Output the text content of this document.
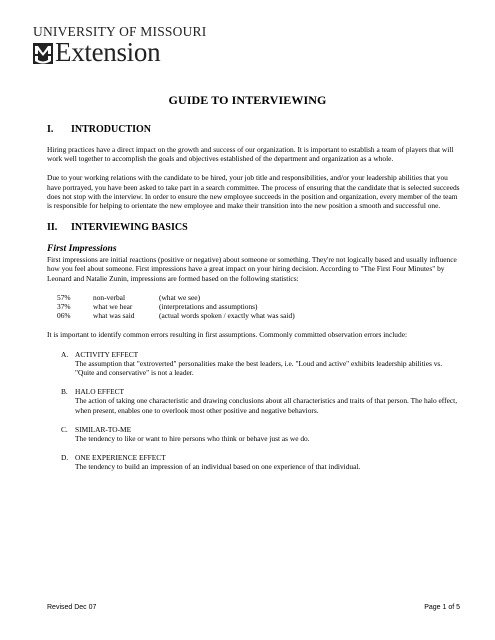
UNIVERSITY OF MISSOURI
Extension
GUIDE TO INTERVIEWING
I.	INTRODUCTION

Hiring practices have a direct impact on the growth and success of our organization. It is important to establish a team of players that will work well together to accomplish the goals and objectives established of the department and organization as a whole.

Due to your working relations with the candidate to be hired, your job title and responsibilities, and/or your leadership abilities that you have portrayed, you have been asked to take part in a search committee. The process of ensuring that the candidate that is selected succeeds does not stop with the interview. In order to ensure the new employee succeeds in the position and organization, every member of the team is responsible for helping to orientate the new employee and make their transition into the new position a smooth and successful one.

II.	INTERVIEWING BASICS
First Impressions

First impressions are initial reactions (positive or negative) about someone or something. They're not logically based and usually influence how you feel about someone. First impressions have a great impact on your hiring decision. According to "The First Four Minutes" by Leonard and Natalie Zunin, impressions are formed based on the following statistics:

57%	non-verbal	(what we see)
37%	what we hear	(interpretations and assumptions)
06%	what was said	(actual words spoken / exactly what was said)

It is important to identify common errors resulting in first assumptions. Commonly committed observation errors include:

A. ACTIVITY EFFECT
The assumption that "extroverted" personalities make the best leaders, i.e. "Loud and active" exhibits leadership abilities vs. "Quite and conservative" is not a leader.
B. HALO EFFECT
The action of taking one characteristic and drawing conclusions about all characteristics and traits of that person. The halo effect, when present, enables one to overlook most other positive and negative behaviors.
C. SIMILAR-TO-ME
The tendency to like or want to hire persons who think or behave just as we do.
D. ONE EXPERIENCE EFFECT
The tendency to build an impression of an individual based on one experience of that individual.
Revised Dec 07	Page 1 of 5
